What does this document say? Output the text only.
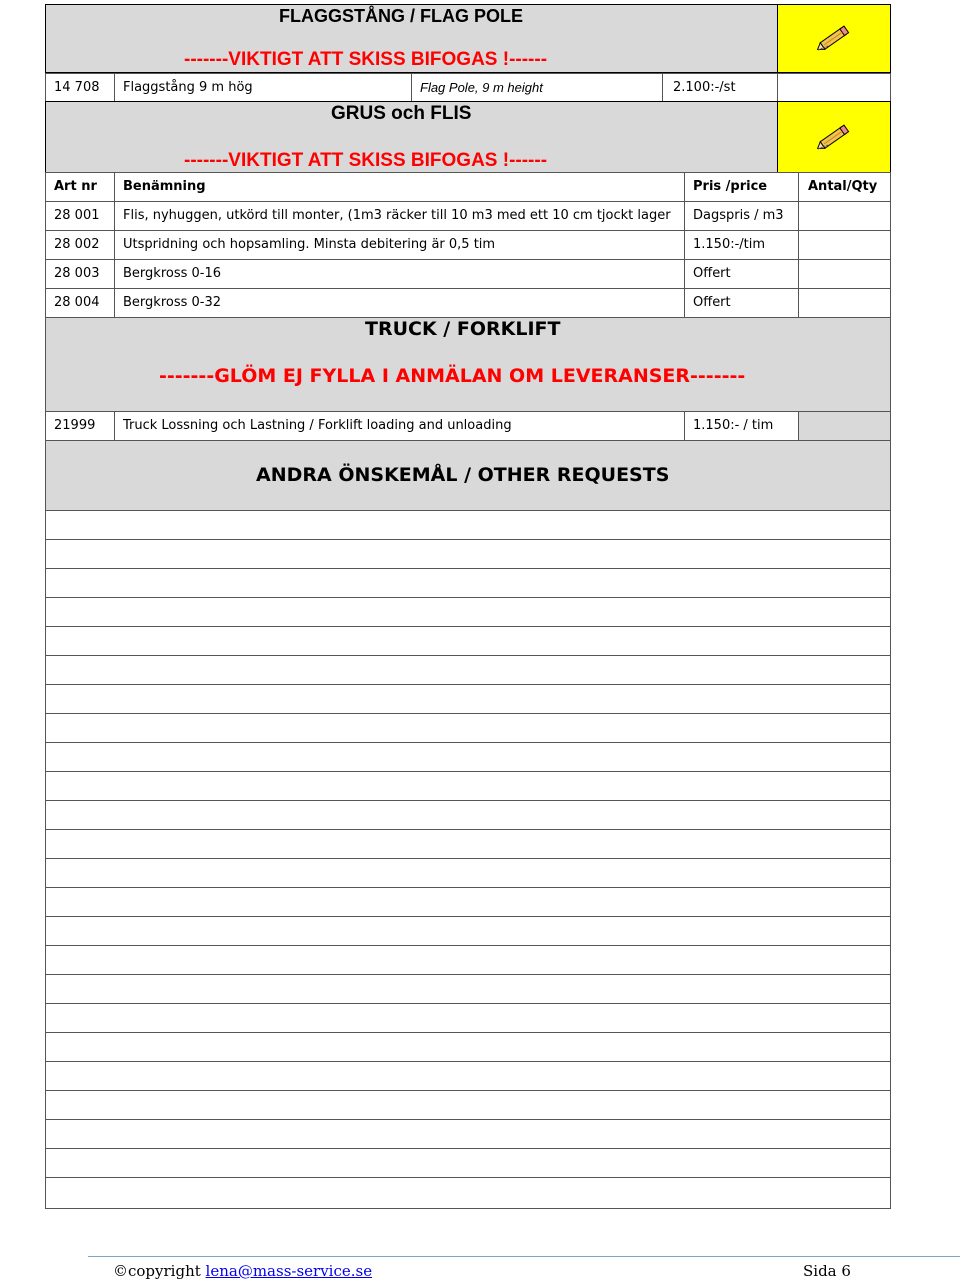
FLAGGSTÅNG / FLAG POLE
-------VIKTIGT ATT SKISS BIFOGAS !------
14 708	Flaggstång 9 m hög	Flag Pole, 9 m height	2.100:-/st
GRUS och FLIS
-------VIKTIGT ATT SKISS BIFOGAS !------
Art nr	Benämning	Pris /price	Antal/Qty
28 001	Flis, nyhuggen, utkörd till monter, (1m3 räcker till 10 m3 med ett 10 cm tjockt lager	Dagspris / m3
28 002	Utspridning och hopsamling. Minsta debitering är 0,5 tim	1.150:-/tim
28 003	Bergkross 0-16	Offert
28 004	Bergkross 0-32	Offert
TRUCK / FORKLIFT
-------GLÖM EJ FYLLA I ANMÄLAN OM LEVERANSER-------
21999	Truck Lossning och Lastning / Forklift loading and unloading	1.150:- / tim
ANDRA ÖNSKEMÅL / OTHER REQUESTS
©copyright lena@mass-service.se	Sida 6
